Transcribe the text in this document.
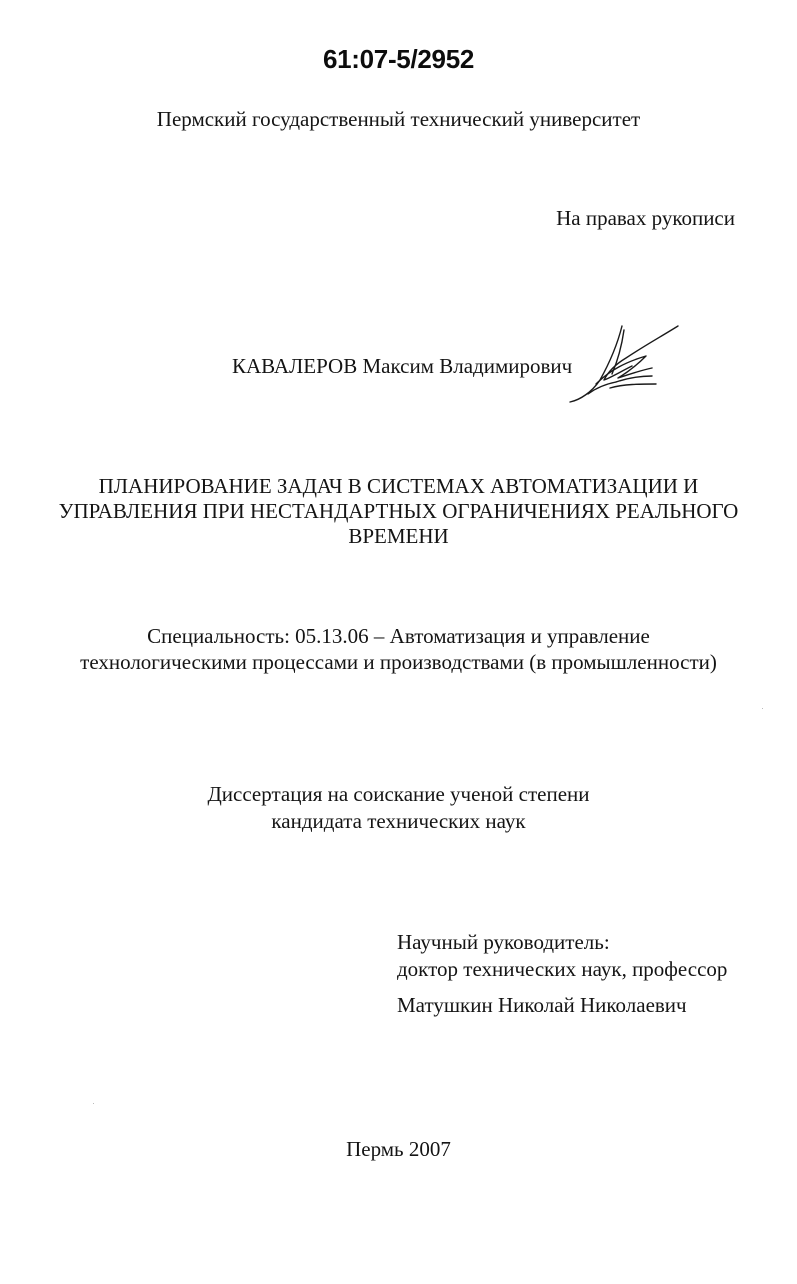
61:07-5/2952
Пермский государственный технический университет
На правах рукописи
КАВАЛЕРОВ Максим Владимирович
ПЛАНИРОВАНИЕ ЗАДАЧ В СИСТЕМАХ АВТОМАТИЗАЦИИ И
УПРАВЛЕНИЯ ПРИ НЕСТАНДАРТНЫХ ОГРАНИЧЕНИЯХ РЕАЛЬНОГО
ВРЕМЕНИ
Специальность: 05.13.06 – Автоматизация и управление
технологическими процессами и производствами (в промышленности)
Диссертация на соискание ученой степени
кандидата технических наук
Научный руководитель:
доктор технических наук, профессор
Матушкин Николай Николаевич
Пермь 2007
